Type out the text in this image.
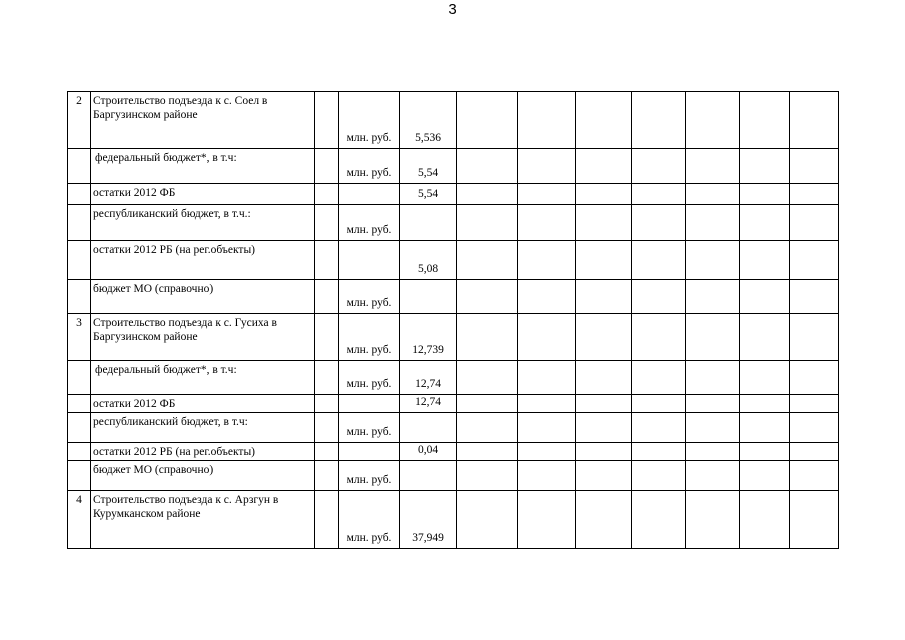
3
2	Строительство подъезда к с. Соел в Баргузинском районе		млн. руб.	5,536							
	федеральный бюджет*, в т.ч:		млн. руб.	5,54							
	остатки 2012 ФБ			5,54							
	республиканский бюджет, в т.ч.:		млн. руб.								
	остатки 2012 РБ (на рег.объекты)			5,08							
	бюджет МО (справочно)		млн. руб.								
3	Строительство подъезда к с. Гусиха в Баргузинском районе		млн. руб.	12,739							
	федеральный бюджет*, в т.ч:		млн. руб.	12,74							
	остатки 2012 ФБ			12,74							
	республиканский бюджет, в т.ч:		млн. руб.								
	остатки 2012 РБ (на рег.объекты)			0,04							
	бюджет МО (справочно)		млн. руб.								
4	Строительство подъезда к с. Арзгун в Курумканском районе		млн. руб.	37,949							
